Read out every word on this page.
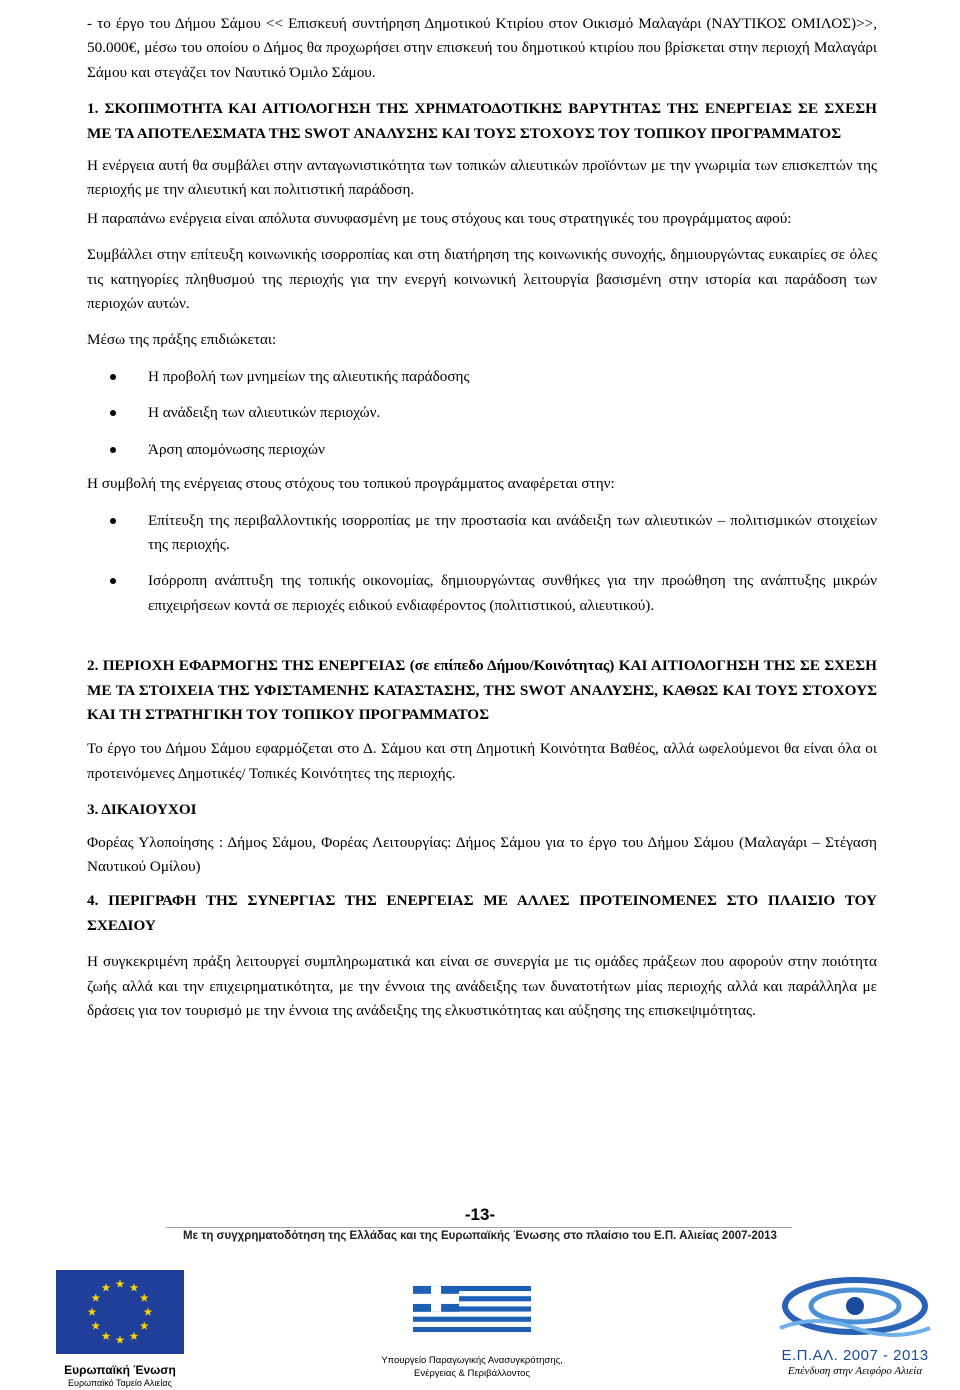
- το έργο του Δήμου Σάμου << Επισκευή συντήρηση Δημοτικού Κτιρίου στον Οικισμό Μαλαγάρι (ΝΑΥΤΙΚΟΣ ΟΜΙΛΟΣ)>>, 50.000€, μέσω του οποίου ο Δήμος θα προχωρήσει στην επισκευή του δημοτικού κτιρίου που βρίσκεται στην περιοχή Μαλαγάρι Σάμου και στεγάζει τον Ναυτικό Όμιλο Σάμου.

1. ΣΚΟΠΙΜΟΤΗΤΑ ΚΑΙ ΑΙΤΙΟΛΟΓΗΣΗ ΤΗΣ ΧΡΗΜΑΤΟΔΟΤΙΚΗΣ ΒΑΡΥΤΗΤΑΣ ΤΗΣ ΕΝΕΡΓΕΙΑΣ ΣΕ ΣΧΕΣΗ ΜΕ ΤΑ ΑΠΟΤΕΛΕΣΜΑΤΑ ΤΗΣ SWOT ΑΝΑΛΥΣΗΣ ΚΑΙ ΤΟΥΣ ΣΤΟΧΟΥΣ ΤΟΥ ΤΟΠΙΚΟΥ ΠΡΟΓΡΑΜΜΑΤΟΣ

Η ενέργεια αυτή θα συμβάλει στην ανταγωνιστικότητα των τοπικών αλιευτικών προϊόντων με την γνωριμία των επισκεπτών της περιοχής με την αλιευτική και πολιτιστική παράδοση.

Η παραπάνω ενέργεια είναι απόλυτα συνυφασμένη με τους στόχους και τους στρατηγικές του προγράμματος αφού:

Συμβάλλει στην επίτευξη κοινωνικής ισορροπίας και στη διατήρηση της κοινωνικής συνοχής, δημιουργώντας ευκαιρίες σε όλες τις κατηγορίες πληθυσμού της περιοχής για την ενεργή κοινωνική λειτουργία βασισμένη στην ιστορία και παράδοση των περιοχών αυτών.

Μέσω της πράξης επιδιώκεται:

Η προβολή των μνημείων της αλιευτικής παράδοσης
Η ανάδειξη των αλιευτικών περιοχών.
Άρση απομόνωσης περιοχών

Η συμβολή της ενέργειας στους στόχους του τοπικού προγράμματος αναφέρεται στην:

Επίτευξη της περιβαλλοντικής ισορροπίας με την προστασία και ανάδειξη των αλιευτικών – πολιτισμικών στοιχείων της περιοχής.
Ισόρροπη ανάπτυξη της τοπικής οικονομίας, δημιουργώντας συνθήκες για την προώθηση της ανάπτυξης μικρών επιχειρήσεων κοντά σε περιοχές ειδικού ενδιαφέροντος (πολιτιστικού, αλιευτικού).

2. ΠΕΡΙΟΧΗ ΕΦΑΡΜΟΓΗΣ ΤΗΣ ΕΝΕΡΓΕΙΑΣ (σε επίπεδο Δήμου/Κοινότητας) ΚΑΙ ΑΙΤΙΟΛΟΓΗΣΗ ΤΗΣ ΣΕ ΣΧΕΣΗ ΜΕ ΤΑ ΣΤΟΙΧΕΙΑ ΤΗΣ ΥΦΙΣΤΑΜΕΝΗΣ ΚΑΤΑΣΤΑΣΗΣ, ΤΗΣ SWOT ΑΝΑΛΥΣΗΣ, ΚΑΘΩΣ ΚΑΙ ΤΟΥΣ ΣΤΟΧΟΥΣ ΚΑΙ ΤΗ ΣΤΡΑΤΗΓΙΚΗ ΤΟΥ ΤΟΠΙΚΟΥ ΠΡΟΓΡΑΜΜΑΤΟΣ

Το έργο του Δήμου Σάμου εφαρμόζεται στο Δ. Σάμου και στη Δημοτική Κοινότητα Βαθέος, αλλά ωφελούμενοι θα είναι όλα οι προτεινόμενες Δημοτικές/ Τοπικές Κοινότητες της περιοχής.

3. ΔΙΚΑΙΟΥΧΟΙ

Φορέας Υλοποίησης : Δήμος Σάμου, Φορέας Λειτουργίας: Δήμος Σάμου για το έργο του Δήμου Σάμου (Μαλαγάρι – Στέγαση Ναυτικού Ομίλου)

4. ΠΕΡΙΓΡΑΦΗ ΤΗΣ ΣΥΝΕΡΓΙΑΣ ΤΗΣ ΕΝΕΡΓΕΙΑΣ ΜΕ ΑΛΛΕΣ ΠΡΟΤΕΙΝΟΜΕΝΕΣ ΣΤΟ ΠΛΑΙΣΙΟ ΤΟΥ ΣΧΕΔΙΟΥ

Η συγκεκριμένη πράξη λειτουργεί συμπληρωματικά και είναι σε συνεργία με τις ομάδες πράξεων που αφορούν στην ποιότητα ζωής αλλά και την επιχειρηματικότητα, με την έννοια της ανάδειξης των δυνατοτήτων μίας περιοχής αλλά και παράλληλα με δράσεις για τον τουρισμό με την έννοια της ανάδειξης της ελκυστικότητας και αύξησης της επισκεψιμότητας.

-13-
Με τη συγχρηματοδότηση της Ελλάδας και της Ευρωπαϊκής Ένωσης στο πλαίσιο του Ε.Π. Αλιείας 2007-2013
Ευρωπαϊκή Ένωση
Ευρωπαϊκό Ταμείο Αλιείας
Υπουργείο Παραγωγικής Ανασυγκρότησης,
Ενέργειας & Περιβάλλοντος
Ε.Π.ΑΛ. 2007 - 2013
Επένδυση στην Αειφόρο Αλιεία
